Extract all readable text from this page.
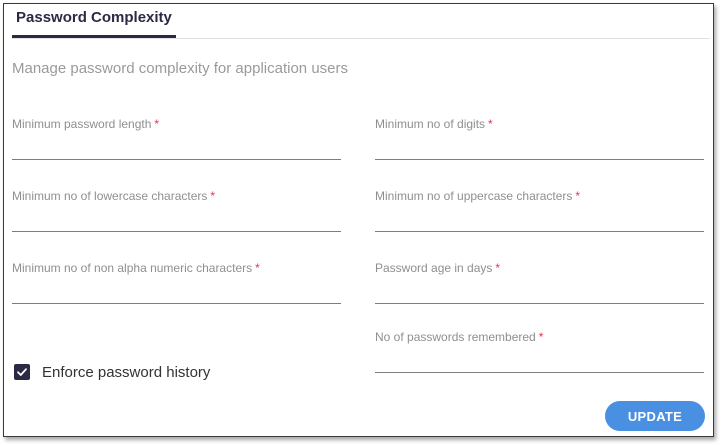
Password Complexity
Manage password complexity for application users
Minimum password length *	Minimum no of digits *
Minimum no of lowercase characters *	Minimum no of uppercase characters *
Minimum no of non alpha numeric characters *	Password age in days *
No of passwords remembered *
Enforce password history
UPDATE
